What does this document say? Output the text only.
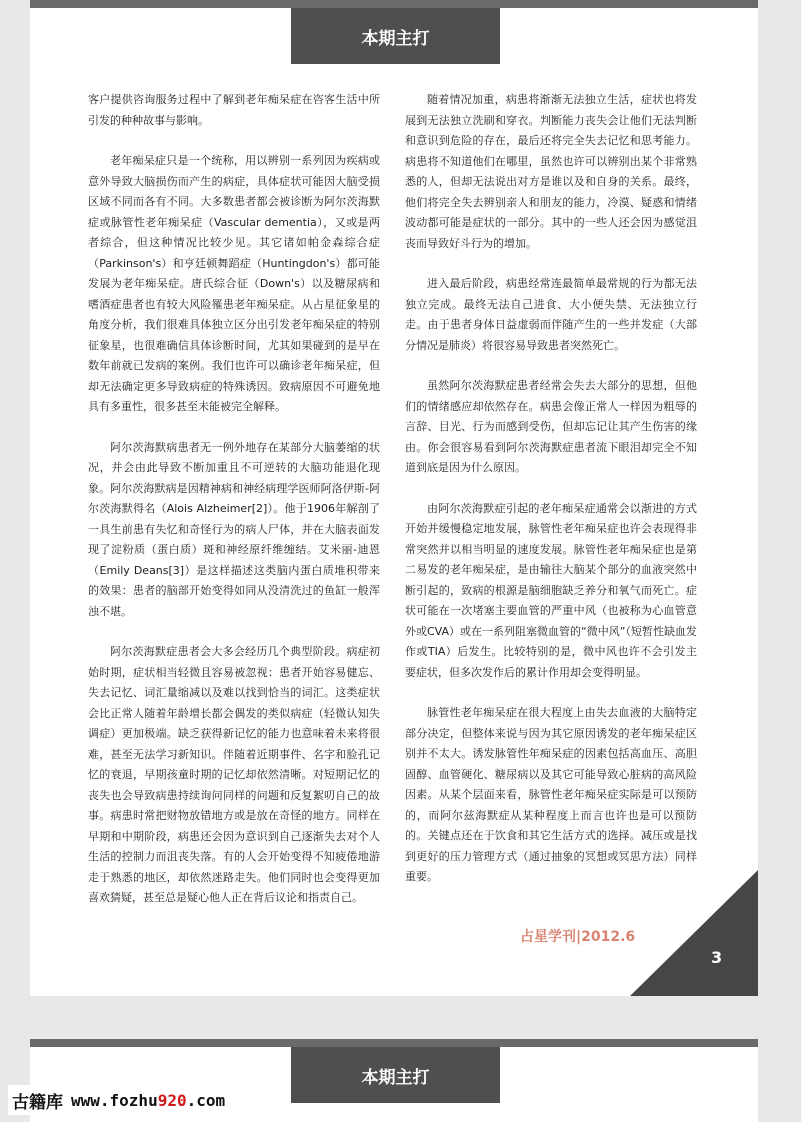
本期主打

客户提供咨询服务过程中了解到老年痴呆症在咨客生活中所引发的种种故事与影响。

老年痴呆症只是一个统称，用以辨别一系列因为疾病或意外导致大脑损伤而产生的病症，具体症状可能因大脑受损区域不同而各有不同。大多数患者都会被诊断为阿尔茨海默症或脉管性老年痴呆症（Vascular dementia），又或是两者综合，但这种情况比较少见。其它诸如帕金森综合症（Parkinson's）和亨廷顿舞蹈症（Huntingdon's）都可能发展为老年痴呆症。唐氏综合征（Down's）以及糖尿病和嗜酒症患者也有较大风险罹患老年痴呆症。从占星征象星的角度分析，我们很难具体独立区分出引发老年痴呆症的特别征象星，也很难确信具体诊断时间，尤其如果碰到的是早在数年前就已发病的案例。我们也许可以确诊老年痴呆症，但却无法确定更多导致病症的特殊诱因。致病原因不可避免地具有多重性，很多甚至未能被完全解释。

阿尔茨海默病患者无一例外地存在某部分大脑萎缩的状况，并会由此导致不断加重且不可逆转的大脑功能退化现象。阿尔茨海默病是因精神病和神经病理学医师阿洛伊斯-阿尔茨海默得名（Alois Alzheimer[2]）。他于1906年解剖了一具生前患有失忆和奇怪行为的病人尸体，并在大脑表面发现了淀粉质（蛋白质）斑和神经原纤维缠结。艾米丽-迪恩（Emily Deans[3]）是这样描述这类脑内蛋白质堆积带来的效果：患者的脑部开始变得如同从没清洗过的鱼缸一般浑浊不堪。

阿尔茨海默症患者会大多会经历几个典型阶段。病症初始时期，症状相当轻微且容易被忽视：患者开始容易健忘、失去记忆、词汇量缩减以及难以找到恰当的词汇。这类症状会比正常人随着年龄增长都会偶发的类似病症（轻微认知失调症）更加极端。缺乏获得新记忆的能力也意味着未来将很难，甚至无法学习新知识。伴随着近期事件、名字和脸孔记忆的衰退，早期孩童时期的记忆却依然清晰。对短期记忆的丧失也会导致病患持续询问同样的问题和反复絮叨自己的故事。病患时常把财物放错地方或是放在奇怪的地方。同样在早期和中期阶段，病患还会因为意识到自己逐渐失去对个人生活的控制力而沮丧失落。有的人会开始变得不知疲倦地游走于熟悉的地区，却依然迷路走失。他们同时也会变得更加喜欢猜疑，甚至总是疑心他人正在背后议论和指责自己。

随着情况加重，病患将渐渐无法独立生活，症状也将发展到无法独立洗刷和穿衣。判断能力丧失会让他们无法判断和意识到危险的存在，最后还将完全失去记忆和思考能力。病患将不知道他们在哪里，虽然也许可以辨别出某个非常熟悉的人，但却无法说出对方是谁以及和自身的关系。最终，他们将完全失去辨别亲人和朋友的能力，冷漠、疑惑和情绪波动都可能是症状的一部分。其中的一些人还会因为感觉沮丧而导致好斗行为的增加。

进入最后阶段，病患经常连最简单最常规的行为都无法独立完成。最终无法自己进食、大小便失禁、无法独立行走。由于患者身体日益虚弱而伴随产生的一些并发症（大部分情况是肺炎）将很容易导致患者突然死亡。

虽然阿尔茨海默症患者经常会失去大部分的思想，但他们的情绪感应却依然存在。病患会像正常人一样因为粗辱的言辞、目光、行为而感到受伤，但却忘记让其产生伤害的缘由。你会很容易看到阿尔茨海默症患者流下眼泪却完全不知道到底是因为什么原因。

由阿尔茨海默症引起的老年痴呆症通常会以渐进的方式开始并缓慢稳定地发展，脉管性老年痴呆症也许会表现得非常突然并以相当明显的速度发展。脉管性老年痴呆症也是第二易发的老年痴呆症，是由输往大脑某个部分的血液突然中断引起的，致病的根源是脑细胞缺乏养分和氧气而死亡。症状可能在一次堵塞主要血管的严重中风（也被称为心血管意外或CVA）或在一系列阻塞微血管的“微中风”（短暂性缺血发作或TIA）后发生。比较特别的是，微中风也许不会引发主要症状，但多次发作后的累计作用却会变得明显。

脉管性老年痴呆症在很大程度上由失去血液的大脑特定部分决定，但整体来说与因为其它原因诱发的老年痴呆症区别并不太大。诱发脉管性年痴呆症的因素包括高血压、高胆固醇、血管硬化、糖尿病以及其它可能导致心脏病的高风险因素。从某个层面来看，脉管性老年痴呆症实际是可以预防的，而阿尔兹海默症从某种程度上而言也许也是可以预防的。关键点还在于饮食和其它生活方式的选择。减压或是找到更好的压力管理方式（通过抽象的冥想或冥思方法）同样重要。

占星学刊|2012.6
3
本期主打
古籍库 www.fozhu920.com
